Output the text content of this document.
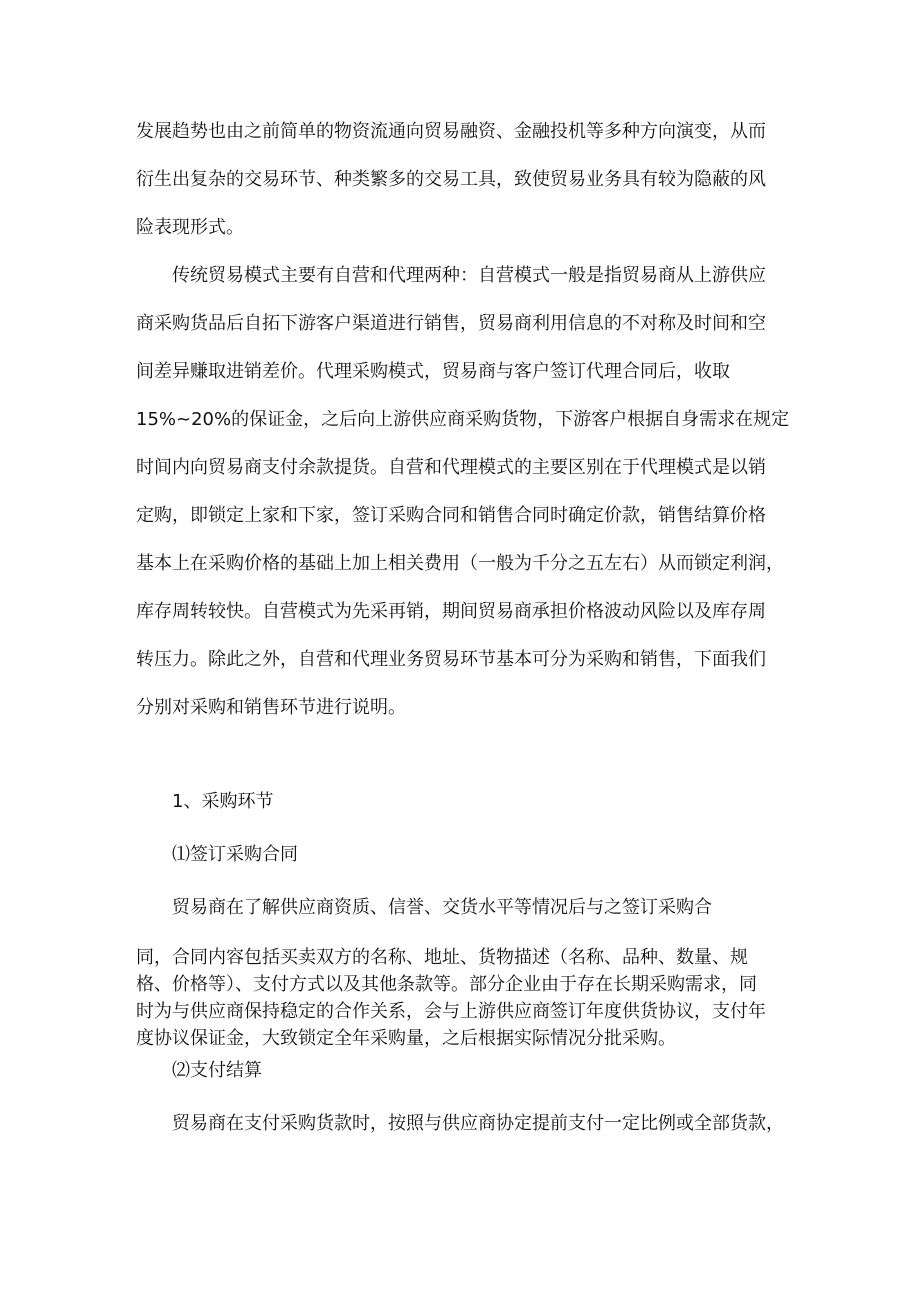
发展趋势也由之前简单的物资流通向贸易融资、金融投机等多种方向演变，从而
衍生出复杂的交易环节、种类繁多的交易工具，致使贸易业务具有较为隐蔽的风
险表现形式。
　　传统贸易模式主要有自营和代理两种：自营模式一般是指贸易商从上游供应
商采购货品后自拓下游客户渠道进行销售，贸易商利用信息的不对称及时间和空
间差异赚取进销差价。代理采购模式，贸易商与客户签订代理合同后，收取
15%~20%的保证金，之后向上游供应商采购货物，下游客户根据自身需求在规定
时间内向贸易商支付余款提货。自营和代理模式的主要区别在于代理模式是以销
定购，即锁定上家和下家，签订采购合同和销售合同时确定价款，销售结算价格
基本上在采购价格的基础上加上相关费用（一般为千分之五左右）从而锁定利润，
库存周转较快。自营模式为先采再销，期间贸易商承担价格波动风险以及库存周
转压力。除此之外，自营和代理业务贸易环节基本可分为采购和销售，下面我们
分别对采购和销售环节进行说明。
1、采购环节
⑴签订采购合同

贸易商在了解供应商资质、信誉、交货水平等情况后与之签订采购合

同，合同内容包括买卖双方的名称、地址、货物描述（名称、品种、数量、规
格、价格等）、支付方式以及其他条款等。部分企业由于存在长期采购需求，同
时为与供应商保持稳定的合作关系，会与上游供应商签订年度供货协议，支付年
度协议保证金，大致锁定全年采购量，之后根据实际情况分批采购。
⑵支付结算

贸易商在支付采购货款时，按照与供应商协定提前支付一定比例或全部货款，
